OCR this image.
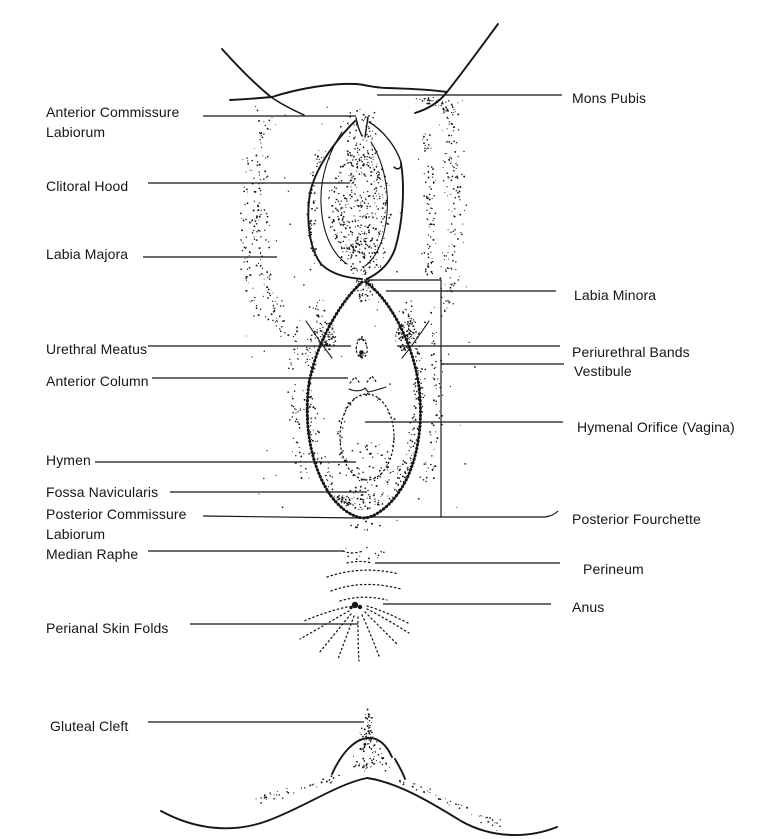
Anterior Commissure Labiorum
Clitoral Hood
Labia Majora
Urethral Meatus
Anterior Column
Hymen
Fossa Navicularis
Posterior Commissure Labiorum
Median Raphe
Perianal Skin Folds
Gluteal Cleft
Mons Pubis
Labia Minora
Periurethral Bands
Vestibule
Hymenal Orifice (Vagina)
Posterior Fourchette
Perineum
Anus
